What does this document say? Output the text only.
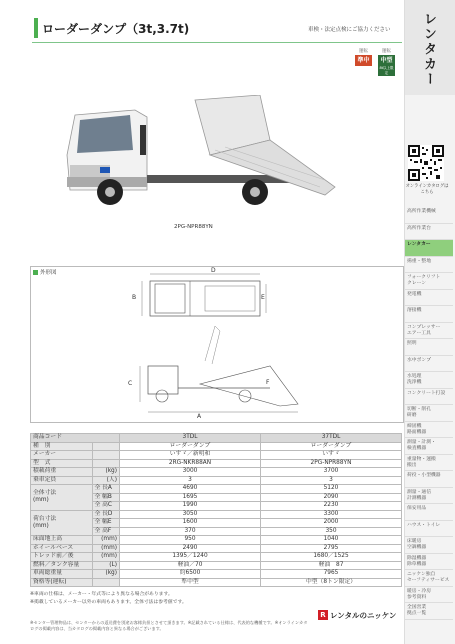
ローダーダンプ（3t,3.7t)	車検・法定点検にご協力ください
運転
準中
運転
中型
8t以上限定
2PG-NPR88YN
外形図	D
B	E
C	F
A
商品コード		3TDL	37TDL
種　別		ローダーダンプ	ローダーダンプ
メーカー		いすゞ／新明和	いすゞ
型　式		2RG-NKR88AN	2PG-NPR88YN
積載荷重	(kg)	3000	3700
乗車定員	(人)	3	3
全体寸法
(mm)	全 長A	4690	5120
	全 幅B	1695	2090
	全 高C	1990	2230
荷台寸法
(mm)	全 長D	3050	3300
	全 幅E	1600	2000
	全 高F	370	350
床面地上高	(mm)	950	1040
ホイールベース	(mm)	2490	2795
トレッド前／後	(mm)	1395／1240	1680／1525
燃料／タンク容量	(L)	軽油／70	軽油　87
車両総重量	(kg)	約6500	7965
資格等(運転)		準中型	中型（8トン限定）
※車両の仕様は、メーカー・年式等により異なる場合があります。
※掲載しているメーカー以外の車両もあります。全体寸法は参考値です。
R レンタルのニッケン
※センター管理物品は、センターからの返送費を別途お客様負担とさせて頂きます。※記載されている仕様は、代表的な機種です。※オンラインカタログの掲載内容は、当カタログの掲載内容と異なる場合がございます。
レンタカー
オンラインカタログはこちら
高所作業機械
高所作業台
レンタカー
揚重・整地
フォークリフト
クレーン
発電機
溶接機
コンプレッサー
エアー工具
照明
水中ポンプ
水処理
洗浄機
コンクリート打設
切断・削孔
研磨
締固機
路面機器
測量・計測・
検査機器
重量物・運搬
搬出
荷役・小型機器
測量・通信
計測機器
保安用品
ハウス・トイレ
床暖房
空調機器
除湿機器
除草機器
ニッケン独自
セーフティサービス
暖房・冷房
参考資料
全国営業
拠点一覧
